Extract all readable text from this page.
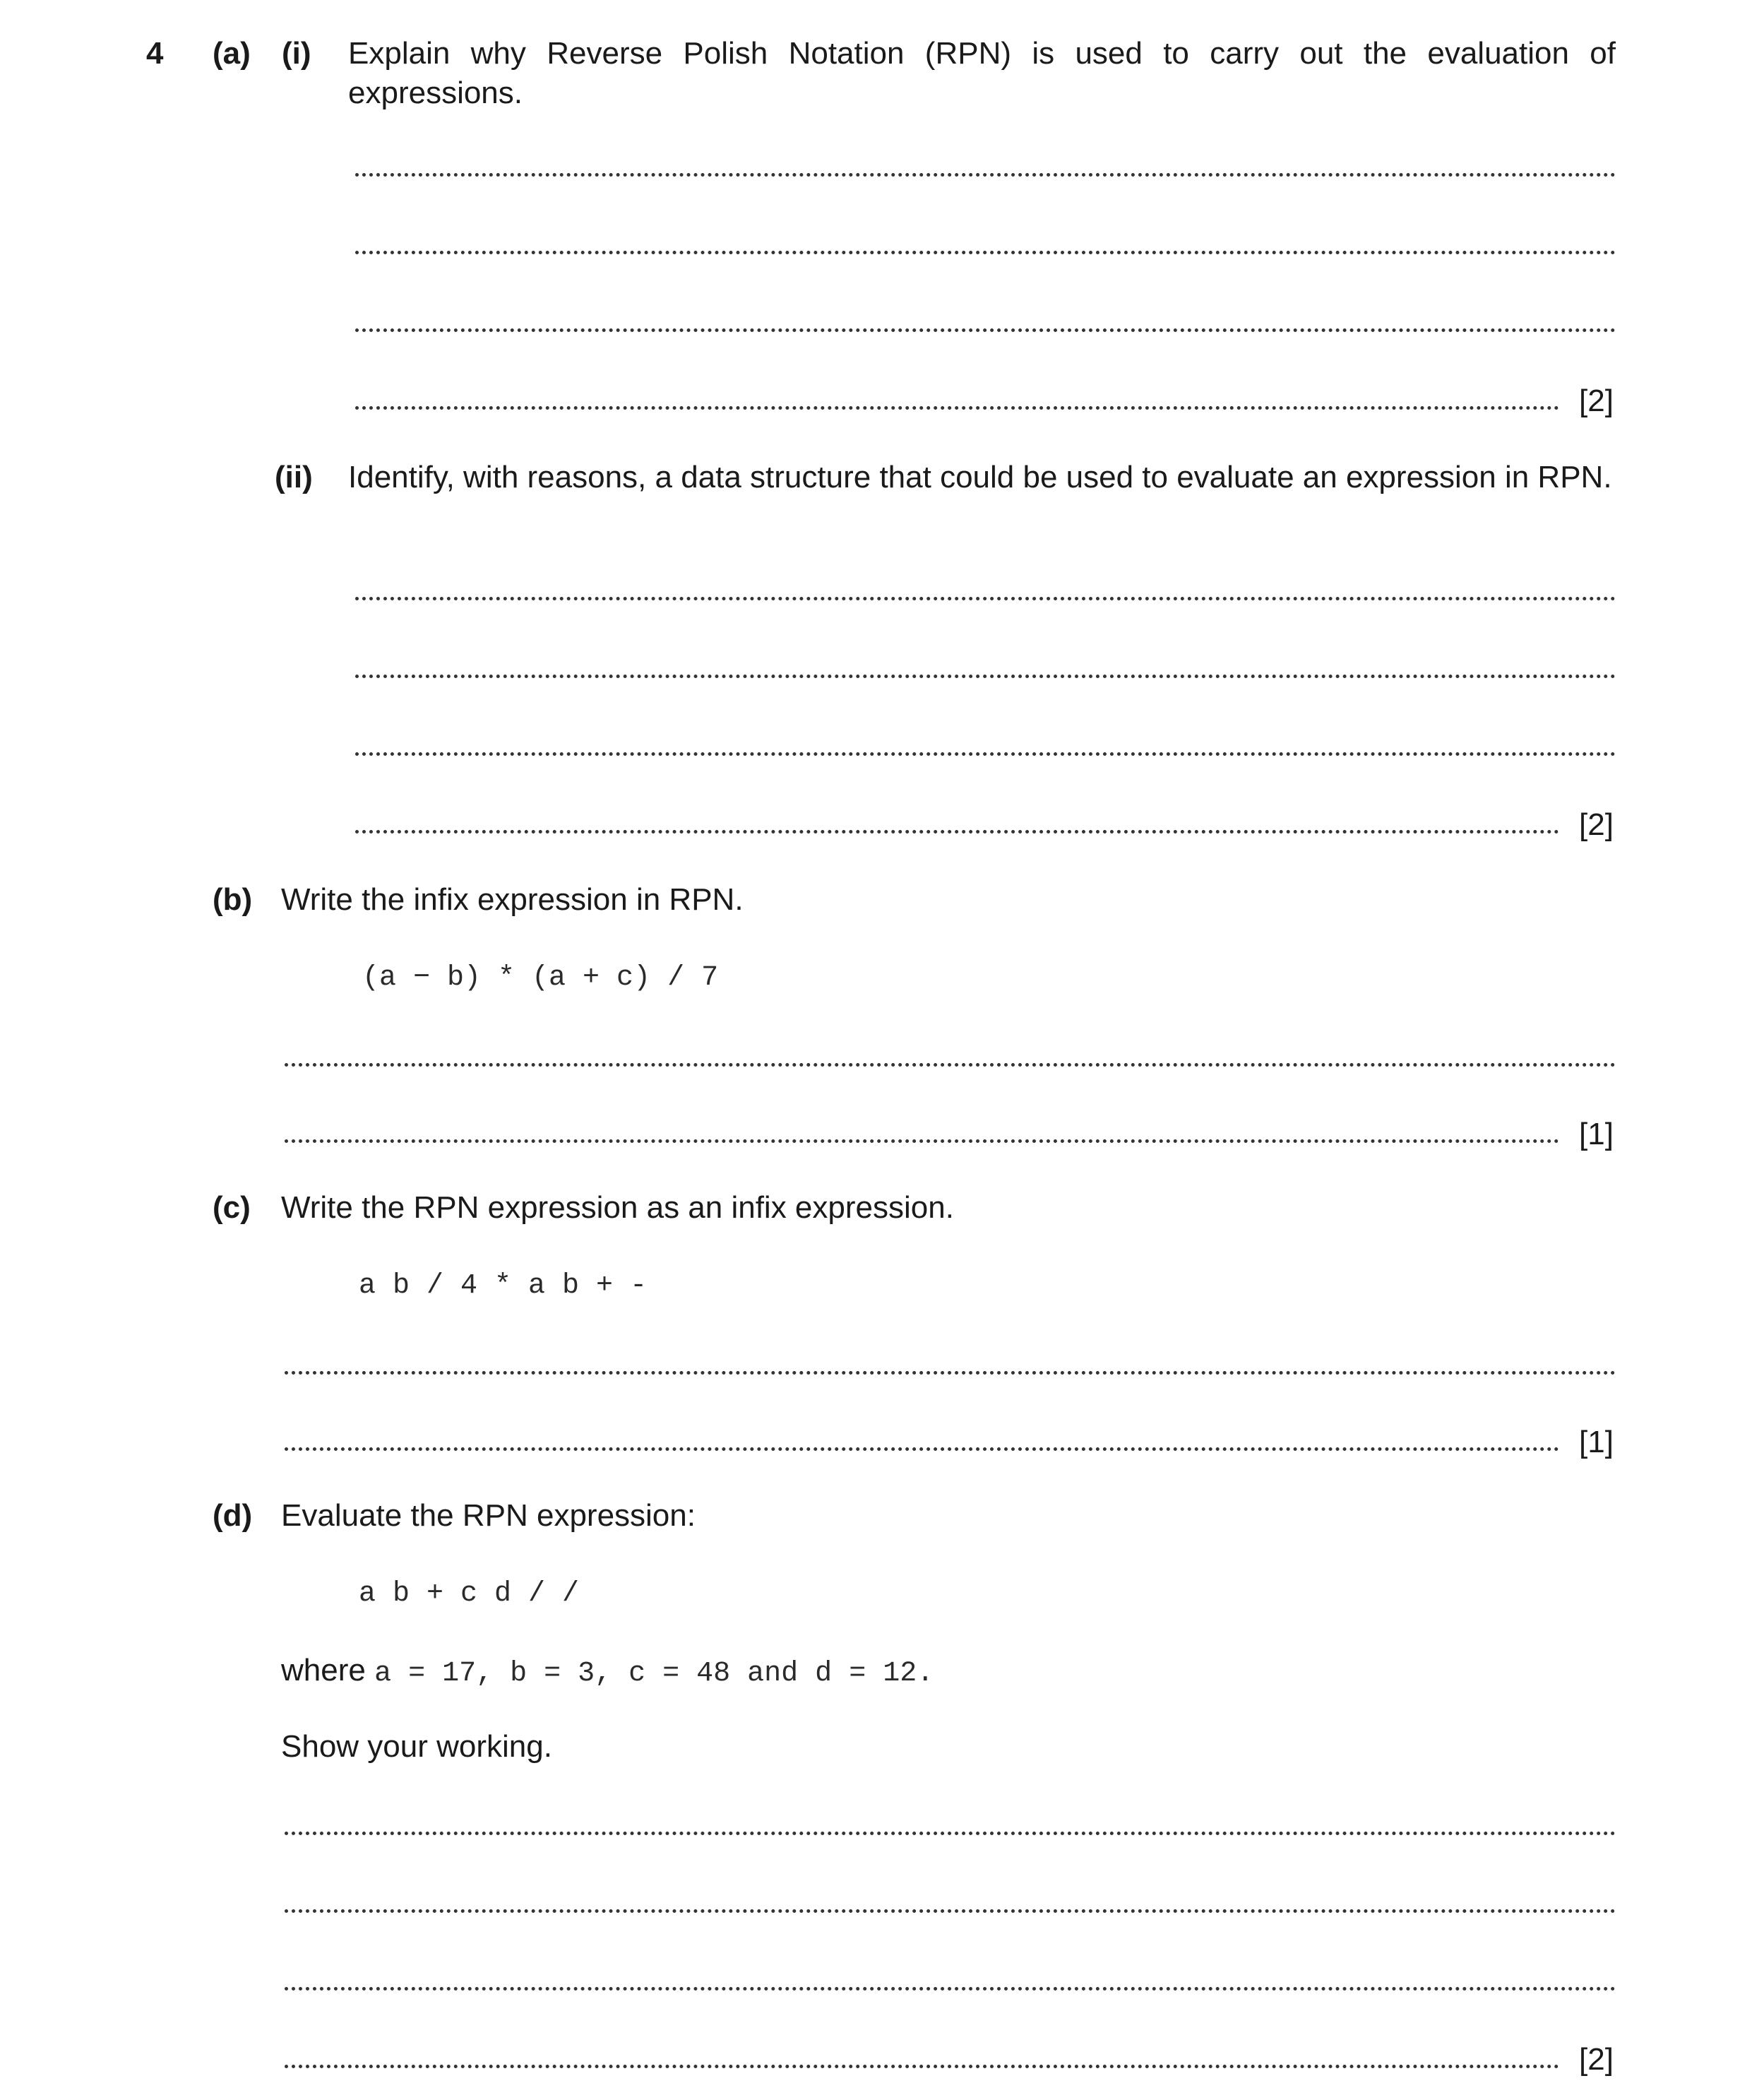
4 (a) (i) Explain why Reverse Polish Notation (RPN) is used to carry out the evaluation of expressions.
[2]
(ii) Identify, with reasons, a data structure that could be used to evaluate an expression in RPN.
[2]
(b) Write the infix expression in RPN.
(a − b) * (a + c) / 7
[1]
(c) Write the RPN expression as an infix expression.
a b / 4 * a b + -
[1]
(d) Evaluate the RPN expression:
a b + c d / /
where a = 17, b = 3, c = 48 and d = 12.
Show your working.
[2]
